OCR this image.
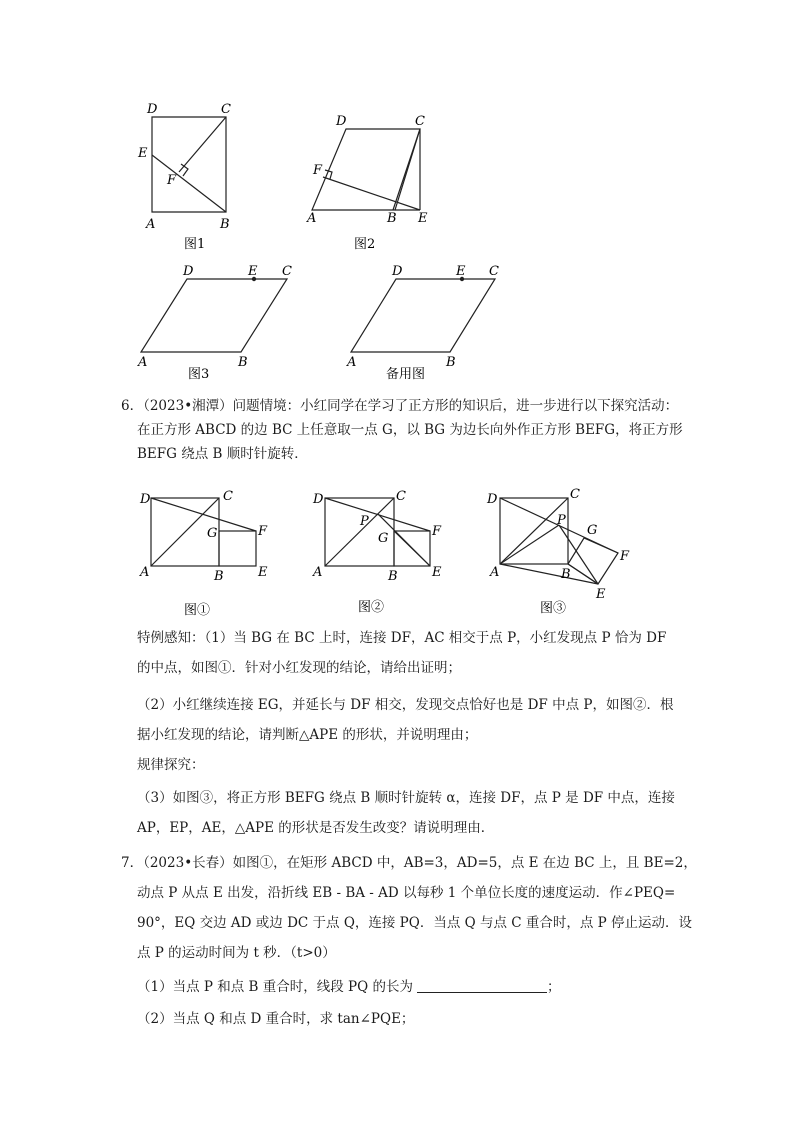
D	C
E
F
A	B
图1
D	C
F
A	B E
图2
D	E C
A	B
图3
D	E C
A	B
备用图

6．（2023•湘潭）问题情境：小红同学在学习了正方形的知识后，进一步进行以下探究活动：

在正方形 ABCD 的边 BC 上任意取一点 G，以 BG 为边长向外作正方形 BEFG，将正方形

BEFG 绕点 B 顺时针旋转．

D	C
G	F
A	B	E
图①
D	C
P
G	F
A	B	E
图②
D	C
P
G
F
A	B
E
图③

特例感知：（1）当 BG 在 BC 上时，连接 DF，AC 相交于点 P，小红发现点 P 恰为 DF

的中点，如图①．针对小红发现的结论，请给出证明；

（2）小红继续连接 EG，并延长与 DF 相交，发现交点恰好也是 DF 中点 P，如图②．根

据小红发现的结论，请判断△APE 的形状，并说明理由；

规律探究：

（3）如图③，将正方形 BEFG 绕点 B 顺时针旋转 α，连接 DF，点 P 是 DF 中点，连接

AP，EP，AE，△APE 的形状是否发生改变？请说明理由．

7．（2023•长春）如图①，在矩形 ABCD 中，AB=3，AD=5，点 E 在边 BC 上，且 BE=2，

动点 P 从点 E 出发，沿折线 EB - BA - AD 以每秒 1 个单位长度的速度运动．作∠PEQ=

90°，EQ 交边 AD 或边 DC 于点 Q，连接 PQ．当点 Q 与点 C 重合时，点 P 停止运动．设

点 P 的运动时间为 t 秒．（t>0）

（1）当点 P 和点 B 重合时，线段 PQ 的长为	；

（2）当点 Q 和点 D 重合时，求 tan∠PQE；
